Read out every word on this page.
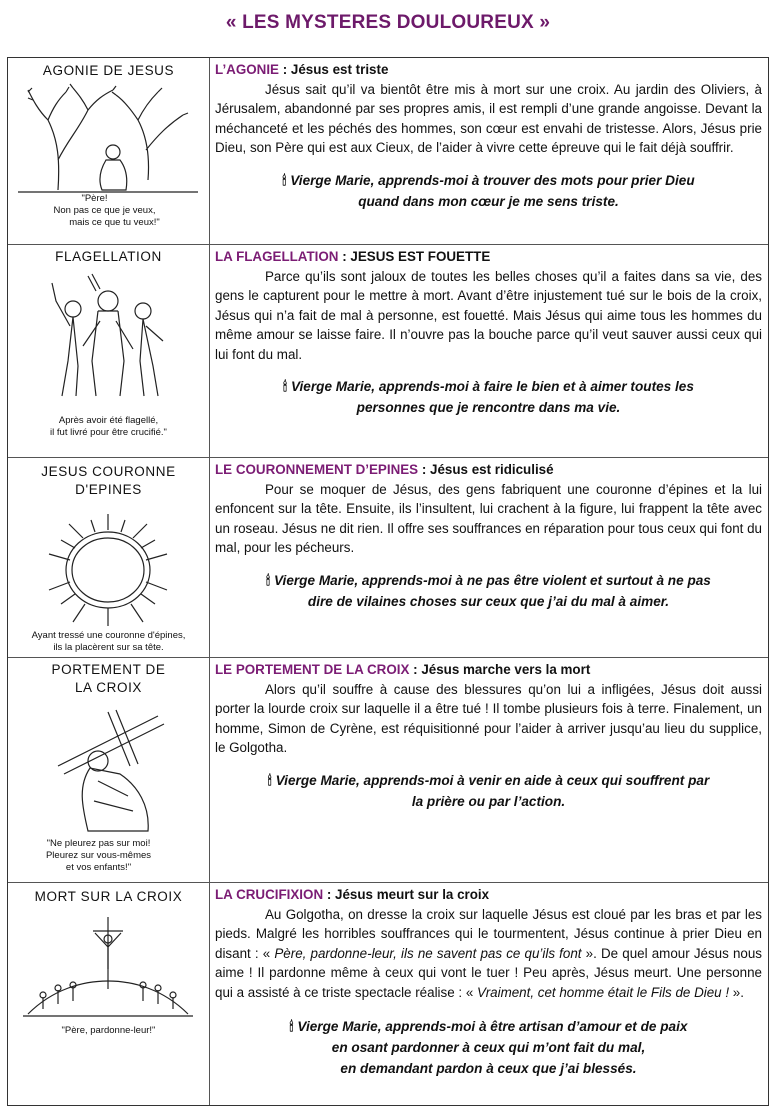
« LES MYSTERES DOULOUREUX »
AGONIE DE JESUS
"Père!
Non pas ce que je veux,
mais ce que tu veux!"
L’AGONIE : Jésus est triste
Jésus sait qu’il va bientôt être mis à mort sur une croix. Au jardin des Oliviers, à Jérusalem, abandonné par ses propres amis, il est rempli d’une grande angoisse. Devant la méchanceté et les péchés des hommes, son cœur est envahi de tristesse. Alors, Jésus prie Dieu, son Père qui est aux Cieux, de l’aider à vivre cette épreuve qui le fait déjà souffrir.
🕯 Vierge Marie, apprends-moi à trouver des mots pour prier Dieu
quand dans mon cœur je me sens triste.
FLAGELLATION
Après avoir été flagellé,
il fut livré pour être crucifié."
LA FLAGELLATION : JESUS EST FOUETTE
Parce qu’ils sont jaloux de toutes les belles choses qu’il a faites dans sa vie, des gens le capturent pour le mettre à mort. Avant d’être injustement tué sur le bois de la croix, Jésus qui n’a fait de mal à personne, est fouetté. Mais Jésus qui aime tous les hommes du même amour se laisse faire. Il n’ouvre pas la bouche parce qu’il veut sauver aussi ceux qui lui font du mal.
🕯 Vierge Marie, apprends-moi à faire le bien et à aimer toutes les
personnes que je rencontre dans ma vie.
JESUS COURONNE D'EPINES
Ayant tressé une couronne d'épines,
ils la placèrent sur sa tête.
LE COURONNEMENT D’EPINES : Jésus est ridiculisé
Pour se moquer de Jésus, des gens fabriquent une couronne d’épines et la lui enfoncent sur la tête. Ensuite, ils l’insultent, lui crachent à la figure, lui frappent la tête avec un roseau. Jésus ne dit rien. Il offre ses souffrances en réparation pour tous ceux qui font du mal, pour les pécheurs.
🕯 Vierge Marie, apprends-moi à ne pas être violent et surtout à ne pas
dire de vilaines choses sur ceux que j’ai du mal à aimer.
PORTEMENT DE LA CROIX
"Ne pleurez pas sur moi!
Pleurez sur vous-mêmes
et vos enfants!"
LE PORTEMENT DE LA CROIX : Jésus marche vers la mort
Alors qu’il souffre à cause des blessures qu’on lui a infligées, Jésus doit aussi porter la lourde croix sur laquelle il a être tué ! Il tombe plusieurs fois à terre. Finalement, un homme, Simon de Cyrène, est réquisitionné pour l’aider à arriver jusqu’au lieu du supplice, le Golgotha.
🕯 Vierge Marie, apprends-moi à venir en aide à ceux qui souffrent par
la prière ou par l’action.
MORT SUR LA CROIX
"Père, pardonne-leur!"
LA CRUCIFIXION : Jésus meurt sur la croix
Au Golgotha, on dresse la croix sur laquelle Jésus est cloué par les bras et par les pieds. Malgré les horribles souffrances qui le tourmentent, Jésus continue à prier Dieu en disant : « Père, pardonne-leur, ils ne savent pas ce qu’ils font ». De quel amour Jésus nous aime ! Il pardonne même à ceux qui vont le tuer ! Peu après, Jésus meurt. Une personne qui a assisté à ce triste spectacle réalise : « Vraiment, cet homme était le Fils de Dieu ! ».
🕯 Vierge Marie, apprends-moi à être artisan d’amour et de paix
en osant pardonner à ceux qui m’ont fait du mal,
en demandant pardon à ceux que j’ai blessés.
